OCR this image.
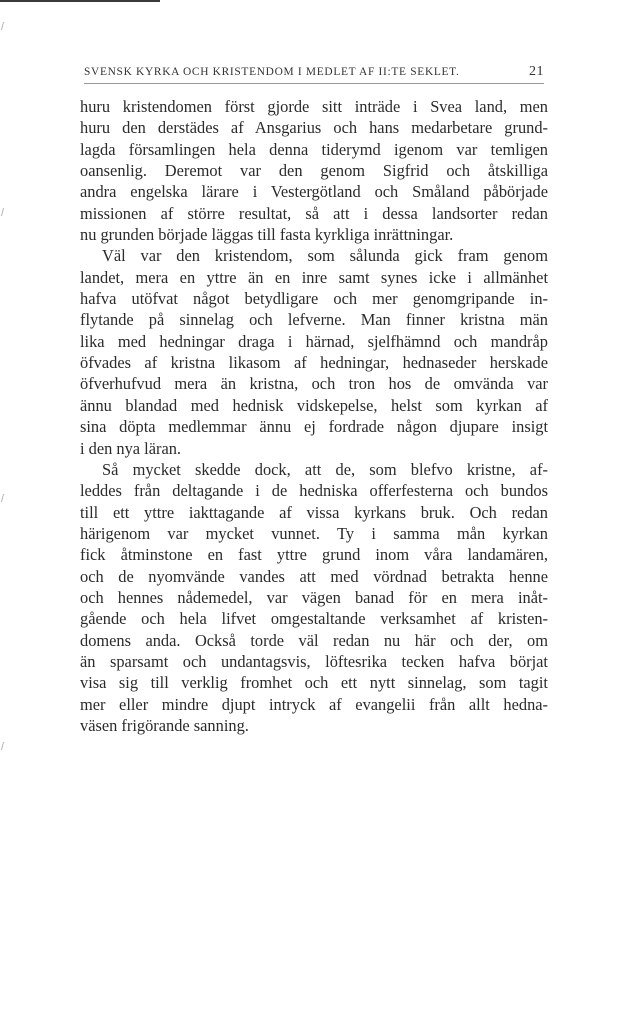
SVENSK KYRKA OCH KRISTENDOM I MEDLET AF II:TE SEKLET.	21
huru kristendomen först gjorde sitt inträde i Svea land, men
huru den derstädes af Ansgarius och hans medarbetare grund-
lagda församlingen hela denna tiderymd igenom var temligen
oansenlig. Deremot var den genom Sigfrid och åtskilliga
andra engelska lärare i Vestergötland och Småland påbörjade
missionen af större resultat, så att i dessa landsorter redan
nu grunden började läggas till fasta kyrkliga inrättningar.
Väl var den kristendom, som sålunda gick fram genom
landet, mera en yttre än en inre samt synes icke i allmänhet
hafva utöfvat något betydligare och mer genomgripande in-
flytande på sinnelag och lefverne. Man finner kristna män
lika med hedningar draga i härnad, sjelfhämnd och mandråp
öfvades af kristna likasom af hedningar, hednaseder herskade
öfverhufvud mera än kristna, och tron hos de omvända var
ännu blandad med hednisk vidskepelse, helst som kyrkan af
sina döpta medlemmar ännu ej fordrade någon djupare insigt
i den nya läran.
Så mycket skedde dock, att de, som blefvo kristne, af-
leddes från deltagande i de hedniska offerfesterna och bundos
till ett yttre iakttagande af vissa kyrkans bruk. Och redan
härigenom var mycket vunnet. Ty i samma mån kyrkan
fick åtminstone en fast yttre grund inom våra landamären,
och de nyomvände vandes att med vördnad betrakta henne
och hennes nådemedel, var vägen banad för en mera inåt-
gående och hela lifvet omgestaltande verksamhet af kristen-
domens anda. Också torde väl redan nu här och der, om
än sparsamt och undantagsvis, löftesrika tecken hafva börjat
visa sig till verklig fromhet och ett nytt sinnelag, som tagit
mer eller mindre djupt intryck af evangelii från allt hedna-
väsen frigörande sanning.
